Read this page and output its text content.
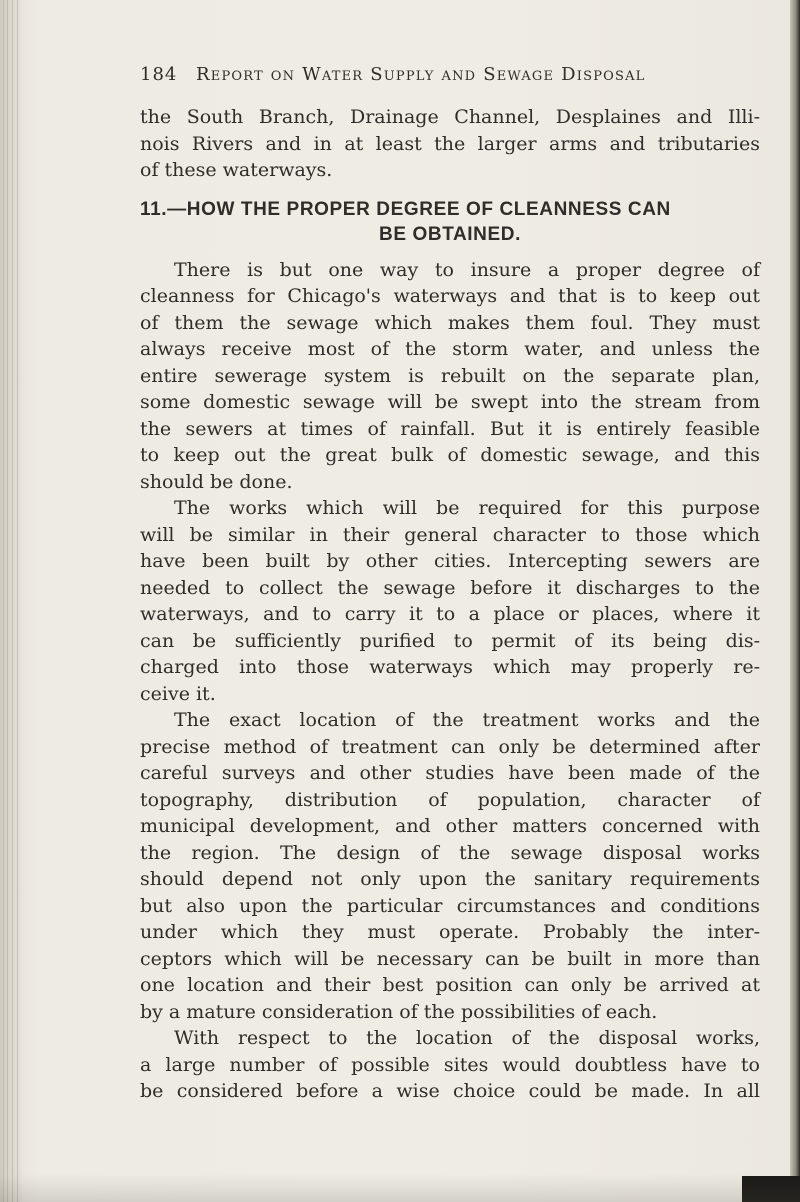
184 Report on Water Supply and Sewage Disposal

the South Branch, Drainage Channel, Desplaines and Illi-
nois Rivers and in at least the larger arms and tributaries
of these waterways.

11.—HOW THE PROPER DEGREE OF CLEANNESS CAN
BE OBTAINED.

There is but one way to insure a proper degree of
cleanness for Chicago's waterways and that is to keep out
of them the sewage which makes them foul. They must
always receive most of the storm water, and unless the
entire sewerage system is rebuilt on the separate plan,
some domestic sewage will be swept into the stream from
the sewers at times of rainfall. But it is entirely feasible
to keep out the great bulk of domestic sewage, and this
should be done.

The works which will be required for this purpose
will be similar in their general character to those which
have been built by other cities. Intercepting sewers are
needed to collect the sewage before it discharges to the
waterways, and to carry it to a place or places, where it
can be sufficiently purified to permit of its being dis-
charged into those waterways which may properly re-
ceive it.

The exact location of the treatment works and the
precise method of treatment can only be determined after
careful surveys and other studies have been made of the
topography, distribution of population, character of
municipal development, and other matters concerned with
the region. The design of the sewage disposal works
should depend not only upon the sanitary requirements
but also upon the particular circumstances and conditions
under which they must operate. Probably the inter-
ceptors which will be necessary can be built in more than
one location and their best position can only be arrived at
by a mature consideration of the possibilities of each.

With respect to the location of the disposal works,
a large number of possible sites would doubtless have to
be considered before a wise choice could be made. In all
